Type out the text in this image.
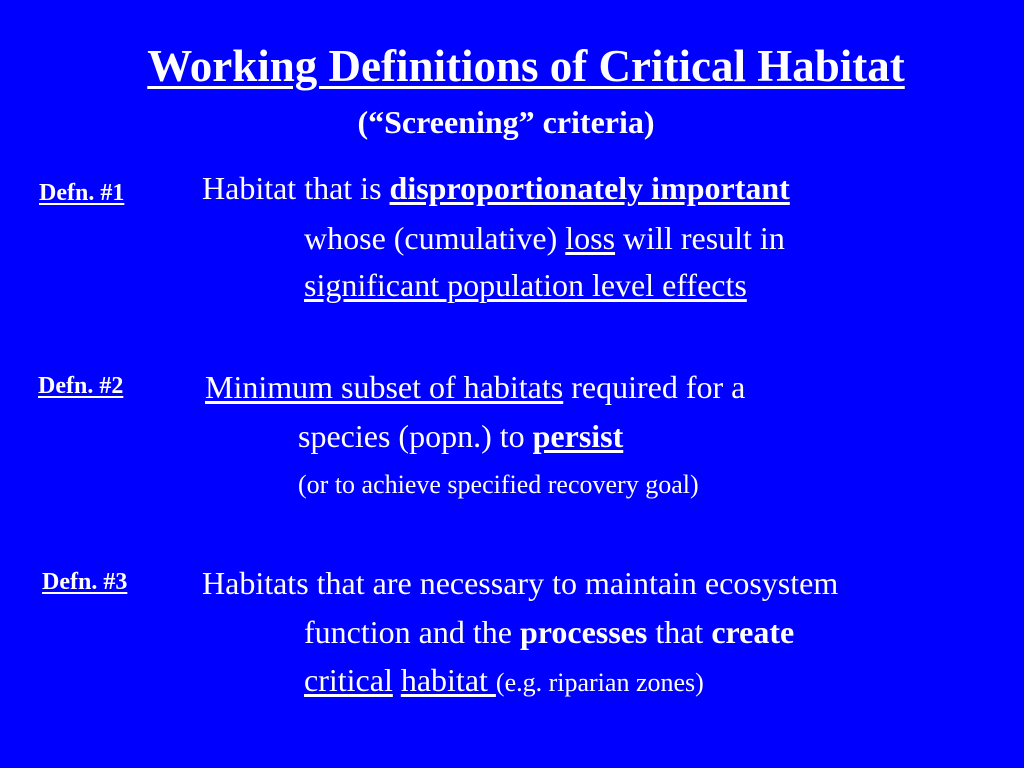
Working Definitions of Critical Habitat
(“Screening” criteria)
Defn. #1 Habitat that is disproportionately important
whose (cumulative) loss will result in
significant population level effects
Defn. #2	Minimum subset of habitats required for a
species (popn.) to persist
(or to achieve specified recovery goal)
Defn. #3 Habitats that are necessary to maintain ecosystem
function and the processes that create
critical habitat (e.g. riparian zones)
